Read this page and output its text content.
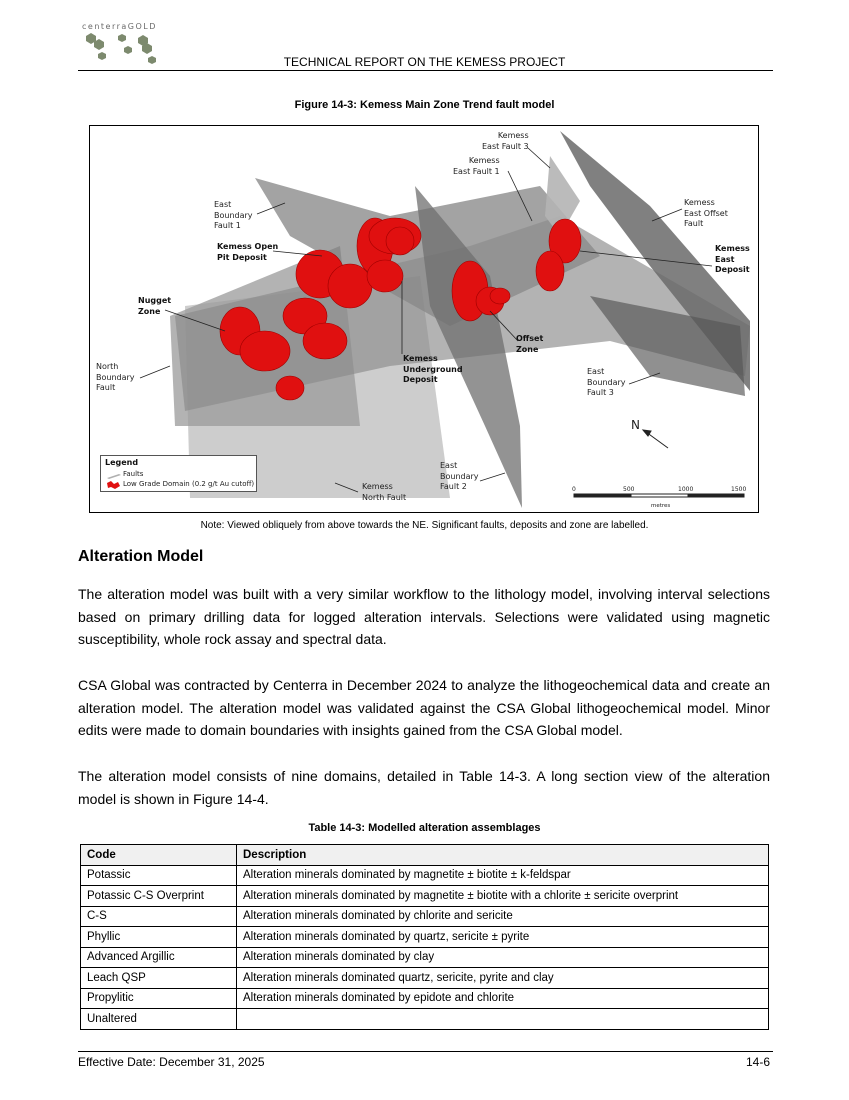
centerraGOLD
TECHNICAL REPORT ON THE KEMESS PROJECT
Figure 14-3: Kemess Main Zone Trend fault model
Kemess
East Fault 3
Kemess
East Fault 1
East
Boundary
Fault 1
Kemess Open
Pit Deposit
Nugget
Zone
North
Boundary
Fault
Kemess
Underground
Deposit
Offset
Zone
Kemess
East Offset
Fault
Kemess
East
Deposit
East
Boundary
Fault 3
East
Boundary
Fault 2
Kemess
North Fault
N
0	500	1000	1500
metres
Legend
Faults
Low Grade Domain (0.2 g/t Au cutoff)
Note: Viewed obliquely from above towards the NE. Significant faults, deposits and zone are labelled.
Alteration Model
The alteration model was built with a very similar workflow to the lithology model, involving interval selections based on primary drilling data for logged alteration intervals. Selections were validated using magnetic susceptibility, whole rock assay and spectral data.
CSA Global was contracted by Centerra in December 2024 to analyze the lithogeochemical data and create an alteration model. The alteration model was validated against the CSA Global lithogeochemical model. Minor edits were made to domain boundaries with insights gained from the CSA Global model.
The alteration model consists of nine domains, detailed in Table 14-3. A long section view of the alteration model is shown in Figure 14-4.
Table 14-3: Modelled alteration assemblages
Code	Description
Potassic	Alteration minerals dominated by magnetite ± biotite ± k-feldspar
Potassic C-S Overprint	Alteration minerals dominated by magnetite ± biotite with a chlorite ± sericite overprint
C-S	Alteration minerals dominated by chlorite and sericite
Phyllic	Alteration minerals dominated by quartz, sericite ± pyrite
Advanced Argillic	Alteration minerals dominated by clay
Leach QSP	Alteration minerals dominated quartz, sericite, pyrite and clay
Propylitic	Alteration minerals dominated by epidote and chlorite
Unaltered	
Effective Date: December 31, 2025	14-6
